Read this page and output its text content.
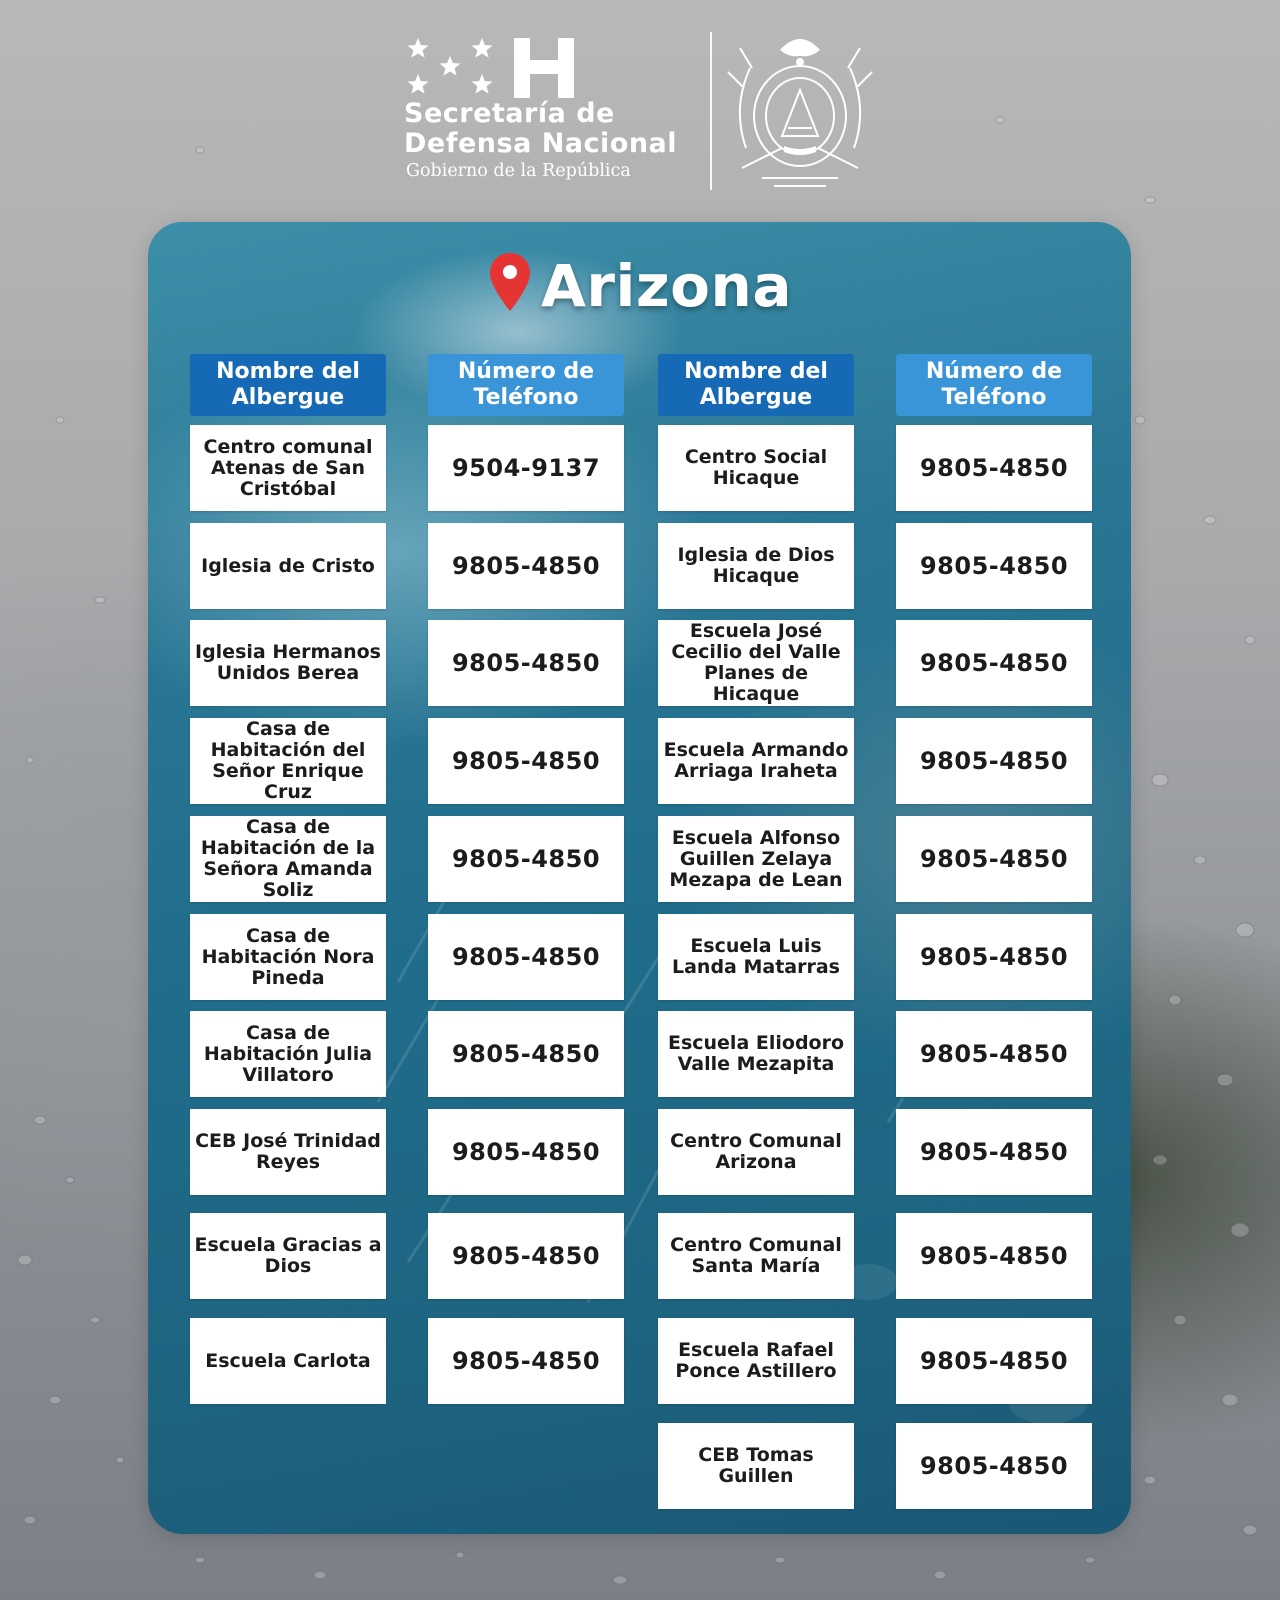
Secretaría de
Defensa Nacional
Gobierno de la República
Arizona
Nombre del Albergue
Número de Teléfono
Nombre del Albergue
Número de Teléfono
Centro comunal Atenas de San Cristóbal
9504-9137
Iglesia de Cristo	9805-4850
Iglesia Hermanos Unidos Berea	9805-4850
Casa de Habitación del Señor Enrique Cruz
9805-4850
Casa de Habitación de la Señora Amanda Soliz
9805-4850
Casa de Habitación Nora Pineda
9805-4850
Casa de Habitación Julia Villatoro
9805-4850
CEB José Trinidad Reyes	9805-4850
Escuela Gracias a Dios	9805-4850
Escuela Carlota	9805-4850
Centro Social Hicaque	9805-4850
Iglesia de Dios Hicaque	9805-4850
Escuela José Cecilio del Valle Planes de Hicaque
9805-4850
Escuela Armando Arriaga Iraheta	9805-4850
Escuela Alfonso Guillen Zelaya Mezapa de Lean
9805-4850
Escuela Luis Landa Matarras	9805-4850
Escuela Eliodoro Valle Mezapita	9805-4850
Centro Comunal Arizona	9805-4850
Centro Comunal Santa María	9805-4850
Escuela Rafael Ponce Astillero	9805-4850
CEB Tomas Guillen	9805-4850
